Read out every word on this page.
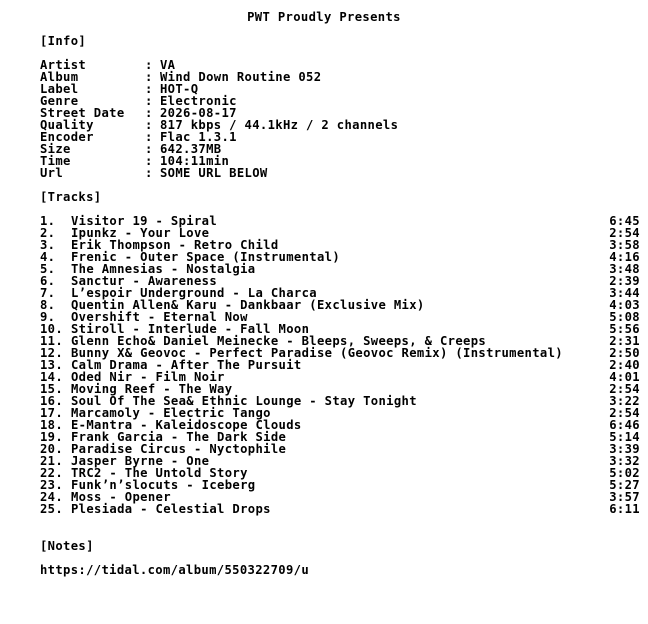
PWT Proudly Presents
[Info]
Artist	: VA
Album	: Wind Down Routine 052
Label	: HOT-Q
Genre	: Electronic
Street Date : 2026-08-17
Quality	: 817 kbps / 44.1kHz / 2 channels
Encoder	: Flac 1.3.1
Size	: 642.37MB
Time	: 104:11min
Url	: SOME URL BELOW
[Tracks]
1. Visitor 19 - Spiral	6:45
2. Ipunkz - Your Love	2:54
3. Erik Thompson - Retro Child	3:58
4. Frenic - Outer Space (Instrumental)	4:16
5. The Amnesias - Nostalgia	3:48
6. Sanctur - Awareness	2:39
7. L’espoir Underground - La Charca	3:44
8. Quentin Allen& Karu - Dankbaar (Exclusive Mix)	4:03
9. Overshift - Eternal Now	5:08
10. Stiroll - Interlude - Fall Moon	5:56
11. Glenn Echo& Daniel Meinecke - Bleeps, Sweeps, & Creeps	2:31
12. Bunny X& Geovoc - Perfect Paradise (Geovoc Remix) (Instrumental)	2:50
13. Calm Drama - After The Pursuit	2:40
14. Oded Nir - Film Noir	4:01
15. Moving Reef - The Way	2:54
16. Soul Of The Sea& Ethnic Lounge - Stay Tonight	3:22
17. Marcamoly - Electric Tango	2:54
18. E-Mantra - Kaleidoscope Clouds	6:46
19. Frank Garcia - The Dark Side	5:14
20. Paradise Circus - Nyctophile	3:39
21. Jasper Byrne - One	3:32
22. TRC2 - The Untold Story	5:02
23. Funk’n’slocuts - Iceberg	5:27
24. Moss - Opener	3:57
25. Plesiada - Celestial Drops	6:11
[Notes]
https://tidal.com/album/550322709/u
